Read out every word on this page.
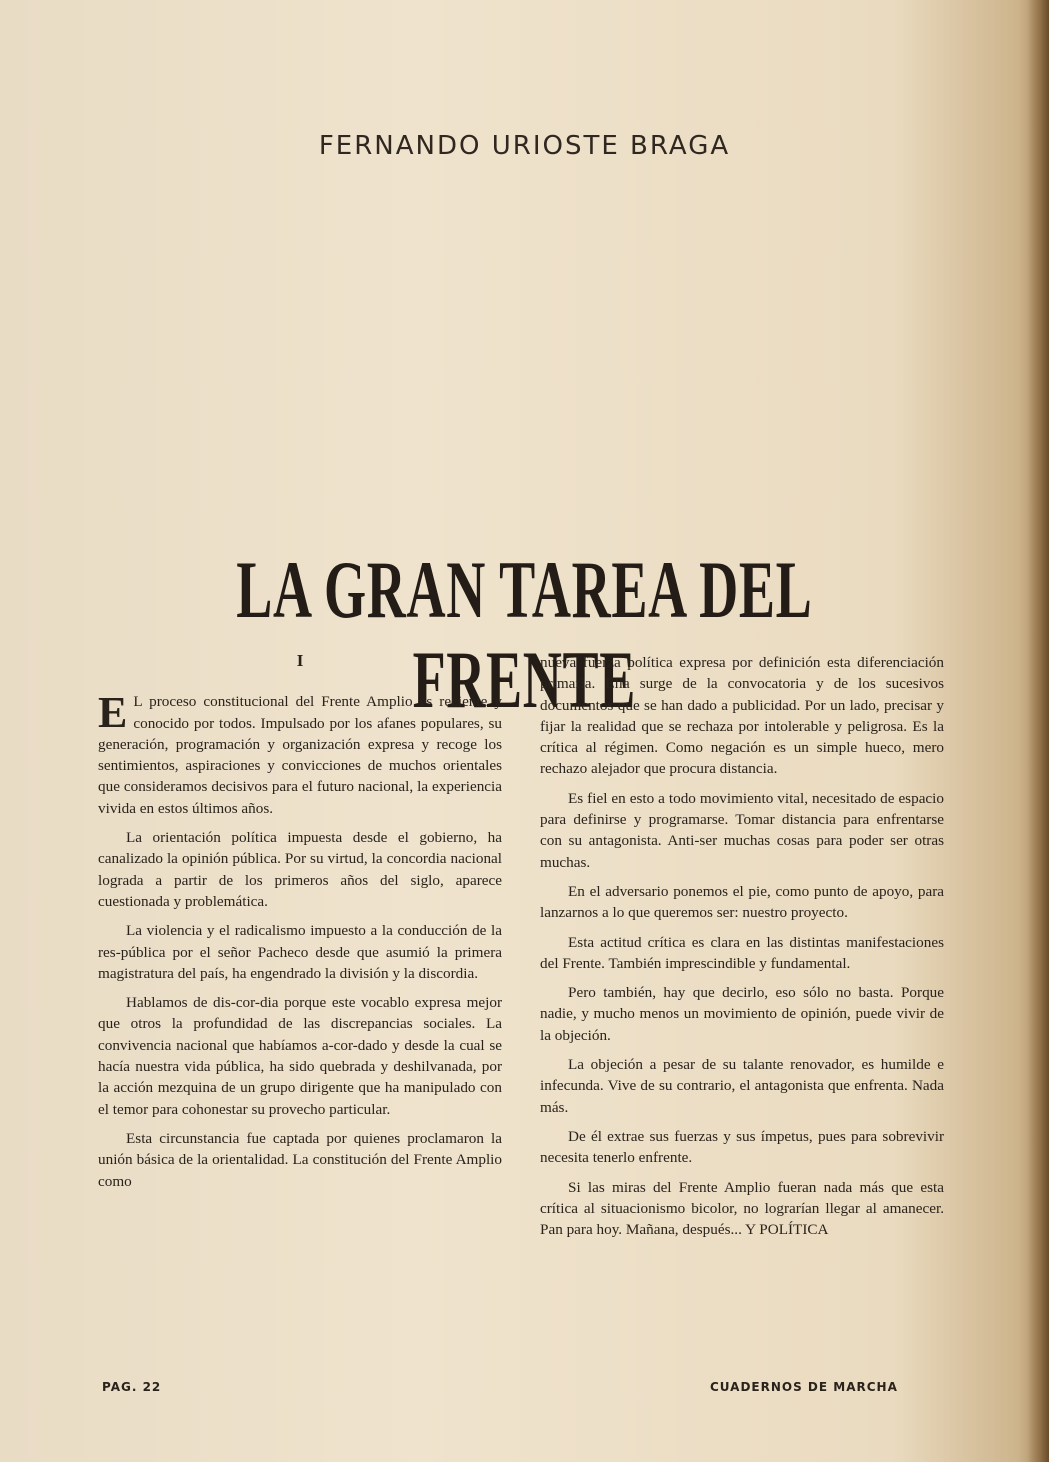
FERNANDO URIOSTE BRAGA
LA GRAN TAREA DEL FRENTE
I

E L proceso constitucional del Frente Amplio es reciente y conocido por todos. Impulsado por los afanes populares, su generación, programación y organización expresa y recoge los sentimientos, aspiraciones y convicciones de muchos orientales que consideramos decisivos para el futuro nacional, la experiencia vivida en estos últimos años.

La orientación política impuesta desde el gobierno, ha canalizado la opinión pública. Por su virtud, la concordia nacional lograda a partir de los primeros años del siglo, aparece cuestionada y problemática.

La violencia y el radicalismo impuesto a la conducción de la res-pública por el señor Pacheco desde que asumió la primera magistratura del país, ha engendrado la división y la discordia.

Hablamos de dis-cor-dia porque este vocablo expresa mejor que otros la profundidad de las discrepancias sociales. La convivencia nacional que habíamos a-cor-dado y desde la cual se hacía nuestra vida pública, ha sido quebrada y deshilvanada, por la acción mezquina de un grupo dirigente que ha manipulado con el temor para cohonestar su provecho particular.

Esta circunstancia fue captada por quienes proclamaron la unión básica de la orientalidad. La constitución del Frente Amplio como

nueva fuerza política expresa por definición esta diferenciación primaria. Ella surge de la convocatoria y de los sucesivos documentos que se han dado a publicidad. Por un lado, precisar y fijar la realidad que se rechaza por intolerable y peligrosa. Es la crítica al régimen. Como negación es un simple hueco, mero rechazo alejador que procura distancia.

Es fiel en esto a todo movimiento vital, necesitado de espacio para definirse y programarse. Tomar distancia para enfrentarse con su antagonista. Anti-ser muchas cosas para poder ser otras muchas.

En el adversario ponemos el pie, como punto de apoyo, para lanzarnos a lo que queremos ser: nuestro proyecto.

Esta actitud crítica es clara en las distintas manifestaciones del Frente. También imprescindible y fundamental.

Pero también, hay que decirlo, eso sólo no basta. Porque nadie, y mucho menos un movimiento de opinión, puede vivir de la objeción.

La objeción a pesar de su talante renovador, es humilde e infecunda. Vive de su contrario, el antagonista que enfrenta. Nada más.

De él extrae sus fuerzas y sus ímpetus, pues para sobrevivir necesita tenerlo enfrente.

Si las miras del Frente Amplio fueran nada más que esta crítica al situacionismo bicolor, no lograrían llegar al amanecer. Pan para hoy. Mañana, después... Y POLÍTICA

PAG. 22	CUADERNOS DE MARCHA
